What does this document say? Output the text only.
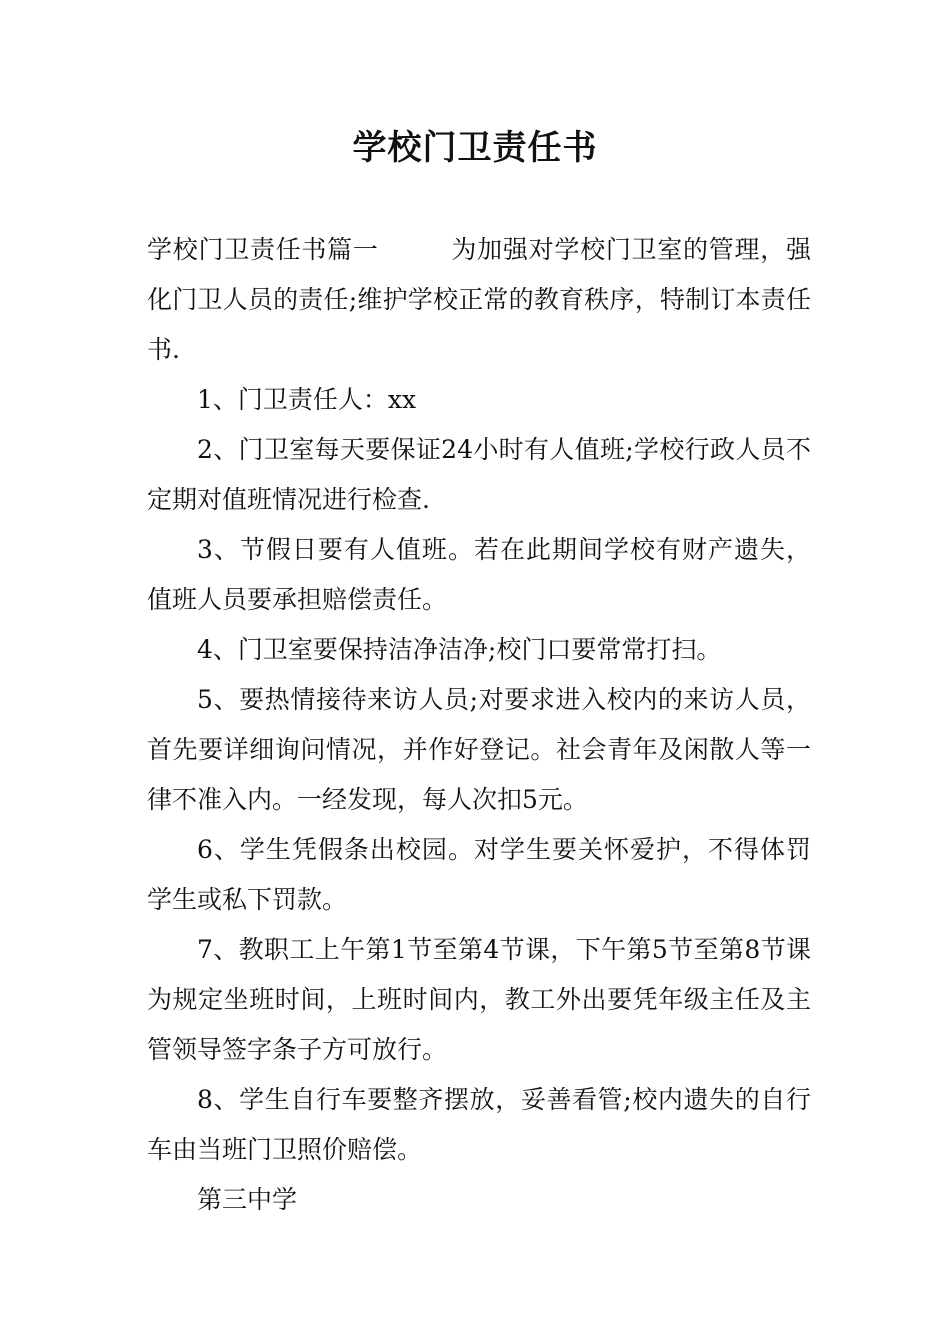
学校门卫责任书

学校门卫责任书篇一	为加强对学校门卫室的管理，强化门卫人员的责任;维护学校正常的教育秩序，特制订本责任书.

1、门卫责任人：xx

2、门卫室每天要保证24小时有人值班;学校行政人员不定期对值班情况进行检查.

3、节假日要有人值班。若在此期间学校有财产遗失，值班人员要承担赔偿责任。

4、门卫室要保持洁净洁净;校门口要常常打扫。

5、要热情接待来访人员;对要求进入校内的来访人员，首先要详细询问情况，并作好登记。社会青年及闲散人等一律不准入内。一经发现，每人次扣5元。

6、学生凭假条出校园。对学生要关怀爱护，不得体罚学生或私下罚款。

7、教职工上午第1节至第4节课，下午第5节至第8节课为规定坐班时间，上班时间内，教工外出要凭年级主任及主管领导签字条子方可放行。

8、学生自行车要整齐摆放，妥善看管;校内遗失的自行车由当班门卫照价赔偿。

第三中学
